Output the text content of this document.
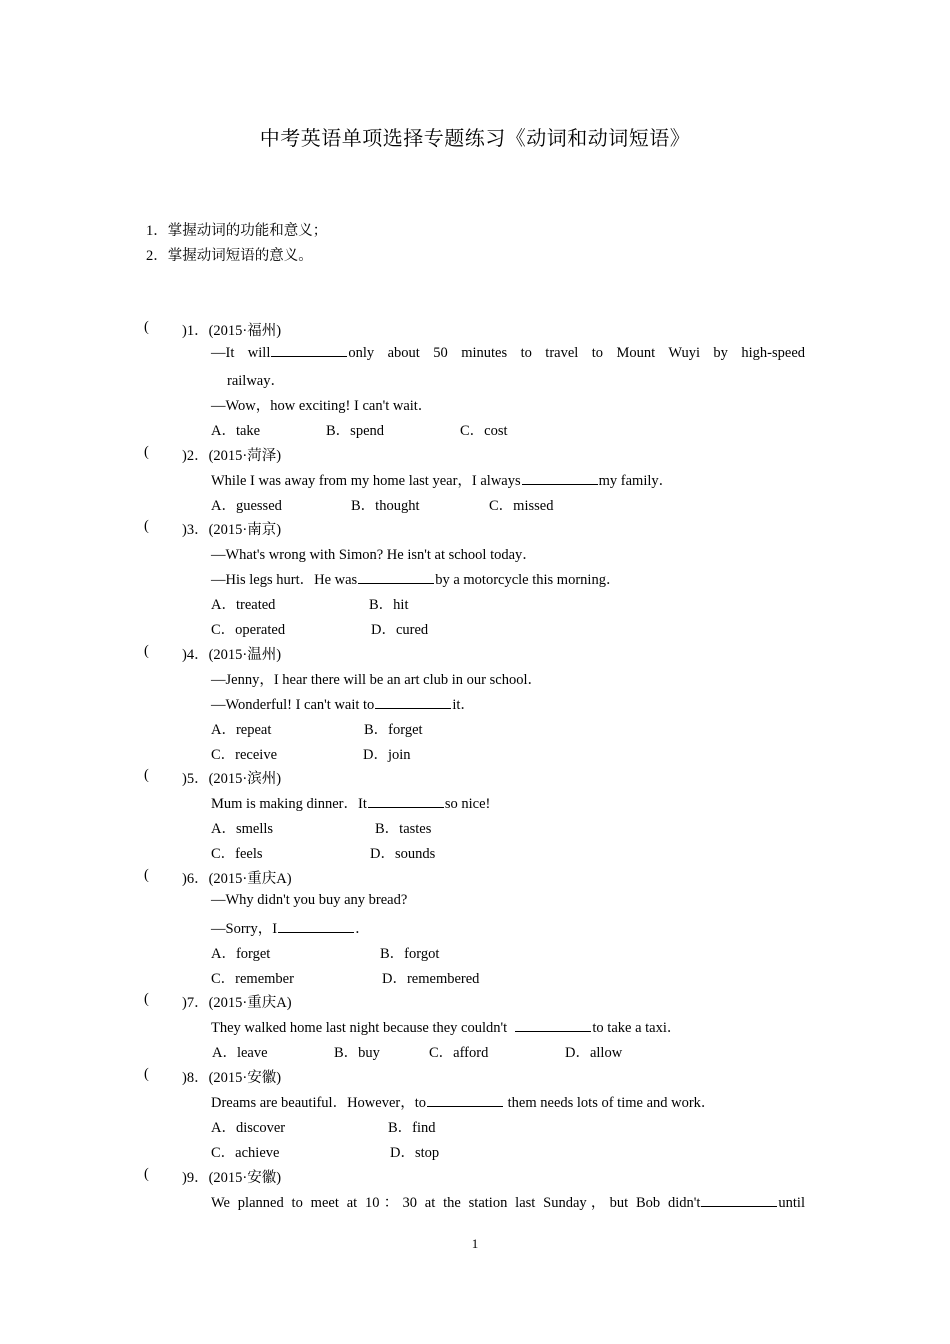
中考英语单项选择专题练习《动词和动词短语》
1．掌握动词的功能和意义；
2．掌握动词短语的意义。
( )1．(2015·福州)
—It will	only about 50 minutes to travel to Mount Wuyi by high-speed
railway．
—Wow，how exciting! I can't wait．
A．take	B．spend	C．cost
( )2．(2015·菏泽)
While I was away from my home last year，I always	my family．
A．guessed	B．thought	C．missed
( )3．(2015·南京)
—What's wrong with Simon? He isn't at school today．
—His legs hurt．He was	by a motorcycle this morning．
A．treated	B．hit
C．operated	D．cured
( )4．(2015·温州)
—Jenny，I hear there will be an art club in our school．
—Wonderful! I can't wait to	it．
A．repeat	B．forget
C．receive	D．join
( )5．(2015·滨州)
Mum is making dinner．It	so nice!
A．smells	B．tastes
C．feels	D．sounds
( )6．(2015·重庆A)
—Why didn't you buy any bread?
—Sorry，I	．
A．forget	B．forgot
C．remember	D．remembered
( )7．(2015·重庆A)
They walked home last night because they couldn't	to take a taxi．
A．leave	B．buy	C．afford	D．allow
( )8．(2015·安徽)
Dreams are beautiful．However，to	them needs lots of time and work．
A．discover	B．find
C．achieve	D．stop
( )9．(2015·安徽)
We planned to meet at 10：30 at the station last Sunday，but Bob didn't	until
1
